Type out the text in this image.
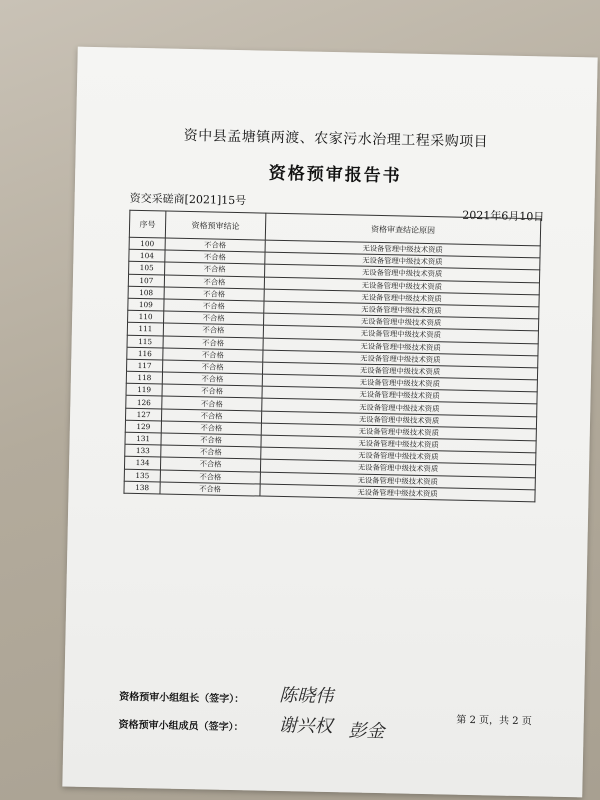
资中县孟塘镇两渡、农家污水治理工程采购项目
资格预审报告书
资交采磋商[2021]15号
2021年6月10日
序号	资格预审结论	资格审查结论原因
100	不合格	无设备管理中级技术资质
104	不合格	无设备管理中级技术资质
105	不合格	无设备管理中级技术资质
107	不合格	无设备管理中级技术资质
108	不合格	无设备管理中级技术资质
109	不合格	无设备管理中级技术资质
110	不合格	无设备管理中级技术资质
111	不合格	无设备管理中级技术资质
115	不合格	无设备管理中级技术资质
116	不合格	无设备管理中级技术资质
117	不合格	无设备管理中级技术资质
118	不合格	无设备管理中级技术资质
119	不合格	无设备管理中级技术资质
126	不合格	无设备管理中级技术资质
127	不合格	无设备管理中级技术资质
129	不合格	无设备管理中级技术资质
131	不合格	无设备管理中级技术资质
133	不合格	无设备管理中级技术资质
134	不合格	无设备管理中级技术资质
135	不合格	无设备管理中级技术资质
138	不合格	无设备管理中级技术资质
资格预审小组组长（签字）： 陈晓伟
资格预审小组成员（签字）： 谢兴权 彭金	第 2 页，共 2 页
